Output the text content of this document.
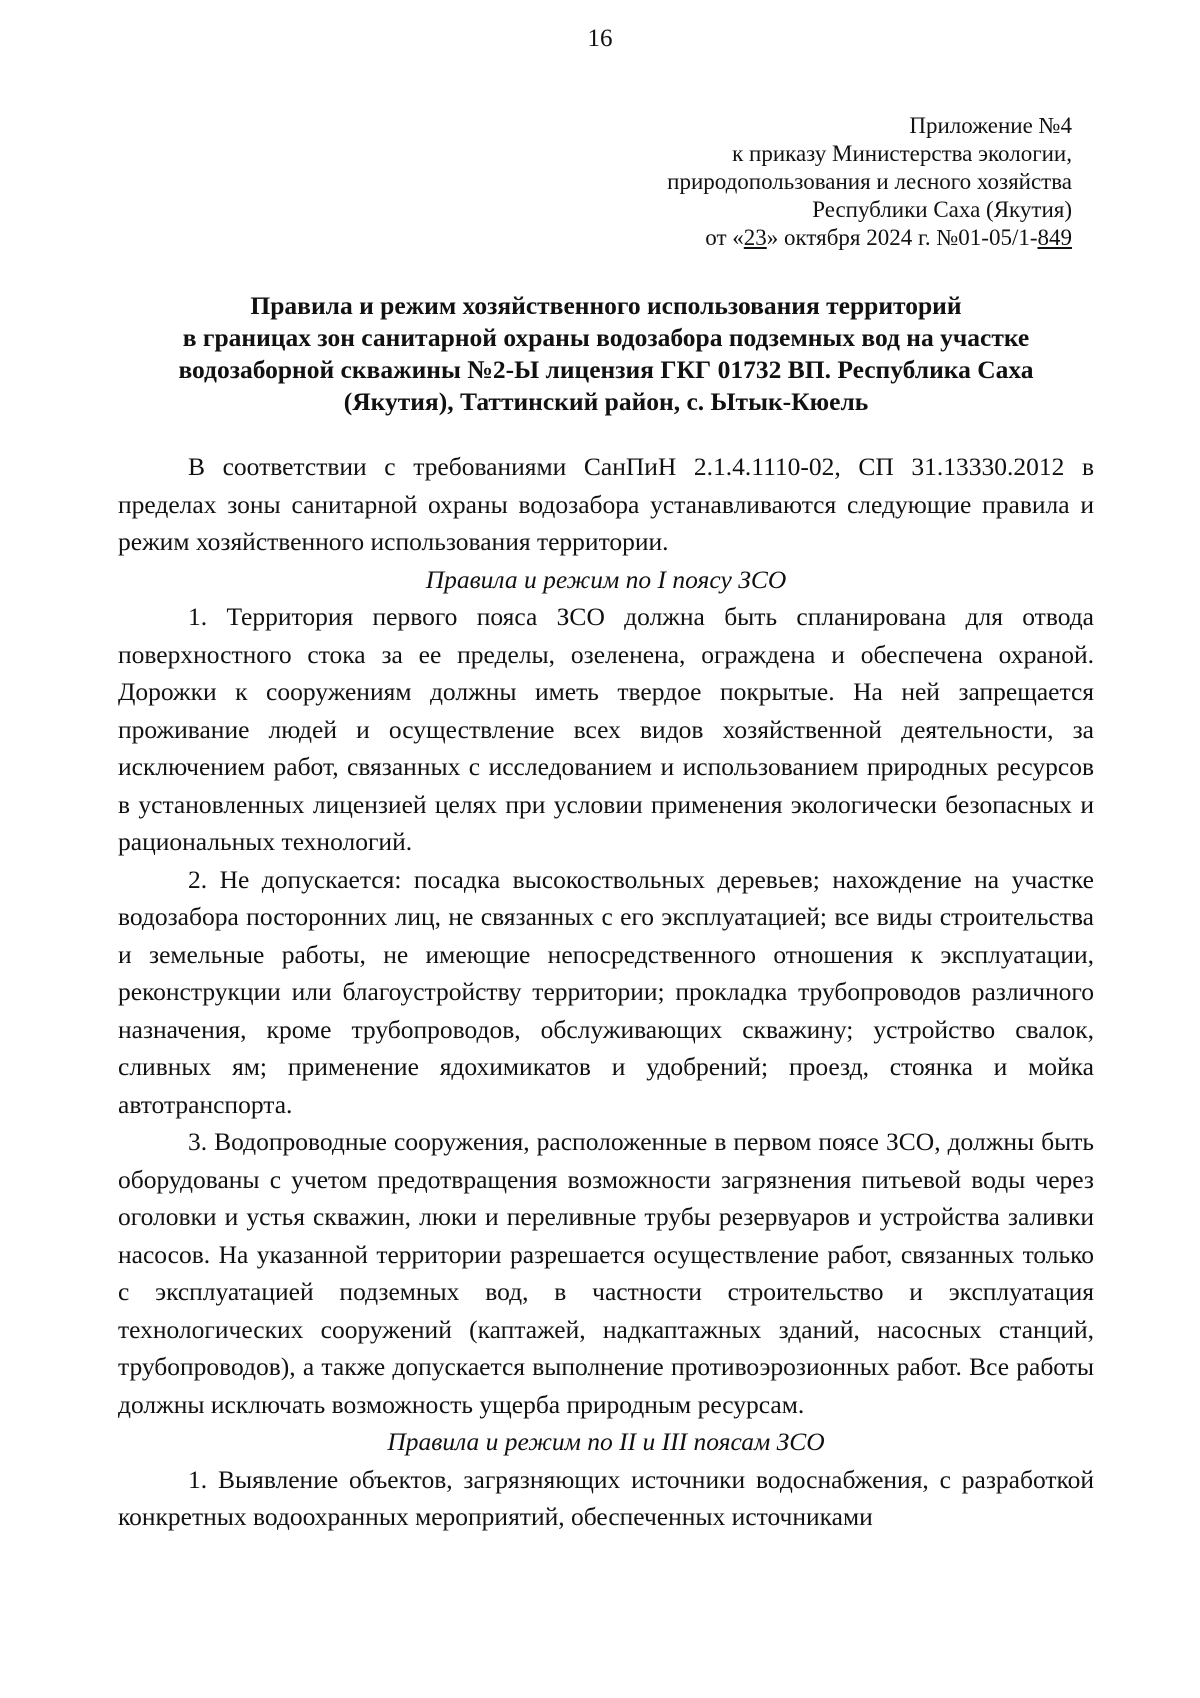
16
Приложение №4
к приказу Министерства экологии,
природопользования и лесного хозяйства
Республики Саха (Якутия)
от «23» октября 2024 г. №01-05/1-849
Правила и режим хозяйственного использования территорий
в границах зон санитарной охраны водозабора подземных вод на участке
водозаборной скважины №2-Ы лицензия ГКГ 01732 ВП. Республика Саха
(Якутия), Таттинский район, с. Ытык-Кюель

В соответствии с требованиями СанПиН 2.1.4.1110-02, СП 31.13330.2012 в пределах зоны санитарной охраны водозабора устанавливаются следующие правила и режим хозяйственного использования территории.

Правила и режим по I поясу ЗСО

1. Территория первого пояса ЗСО должна быть спланирована для отвода поверхностного стока за ее пределы, озеленена, ограждена и обеспечена охраной. Дорожки к сооружениям должны иметь твердое покрытые. На ней запрещается проживание людей и осуществление всех видов хозяйственной деятельности, за исключением работ, связанных с исследованием и использованием природных ресурсов в установленных лицензией целях при условии применения экологически безопасных и рациональных технологий.

2. Не допускается: посадка высокоствольных деревьев; нахождение на участке водозабора посторонних лиц, не связанных с его эксплуатацией; все виды строительства и земельные работы, не имеющие непосредственного отношения к эксплуатации, реконструкции или благоустройству территории; прокладка трубопроводов различного назначения, кроме трубопроводов, обслуживающих скважину; устройство свалок, сливных ям; применение ядохимикатов и удобрений; проезд, стоянка и мойка автотранспорта.

3. Водопроводные сооружения, расположенные в первом поясе ЗСО, должны быть оборудованы с учетом предотвращения возможности загрязнения питьевой воды через оголовки и устья скважин, люки и переливные трубы резервуаров и устройства заливки насосов. На указанной территории разрешается осуществление работ, связанных только с эксплуатацией подземных вод, в частности строительство и эксплуатация технологических сооружений (каптажей, надкаптажных зданий, насосных станций, трубопроводов), а также допускается выполнение противоэрозионных работ. Все работы должны исключать возможность ущерба природным ресурсам.

Правила и режим по II и III поясам ЗСО

1. Выявление объектов, загрязняющих источники водоснабжения, с разработкой конкретных водоохранных мероприятий, обеспеченных источниками
